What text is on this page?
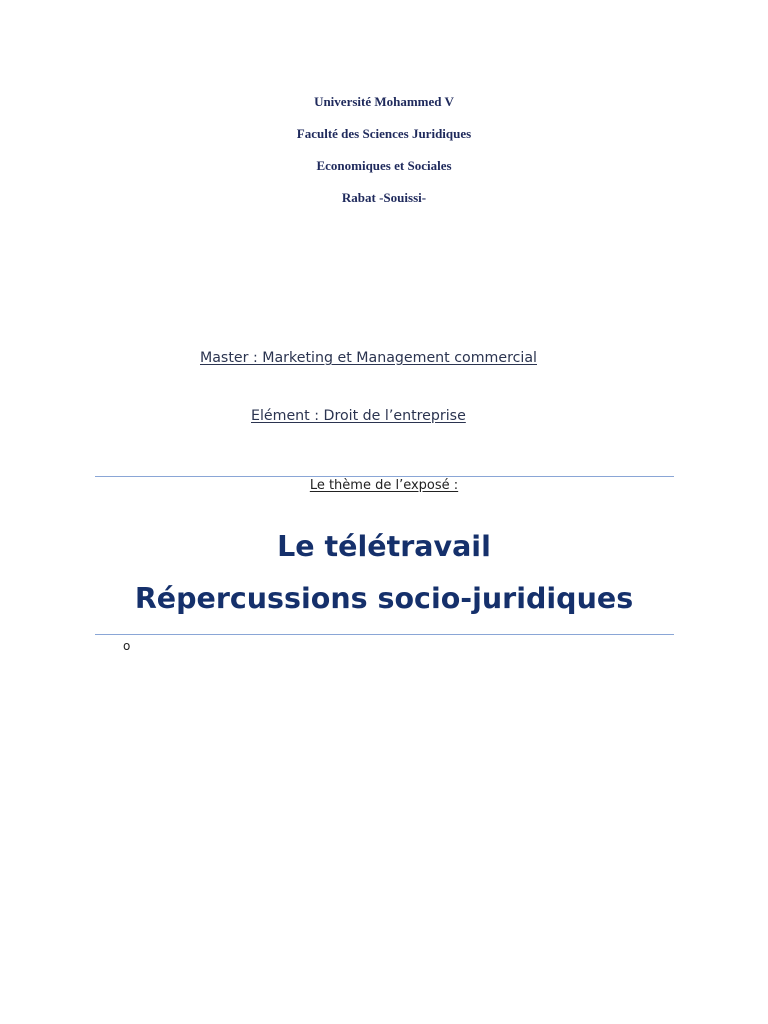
Université Mohammed V
Faculté des Sciences Juridiques
Economiques et Sociales
Rabat -Souissi-
Master : Marketing et Management commercial
Elément : Droit de l’entreprise
Le thème de l’exposé :
Le télétravail
Répercussions socio-juridiques
o
